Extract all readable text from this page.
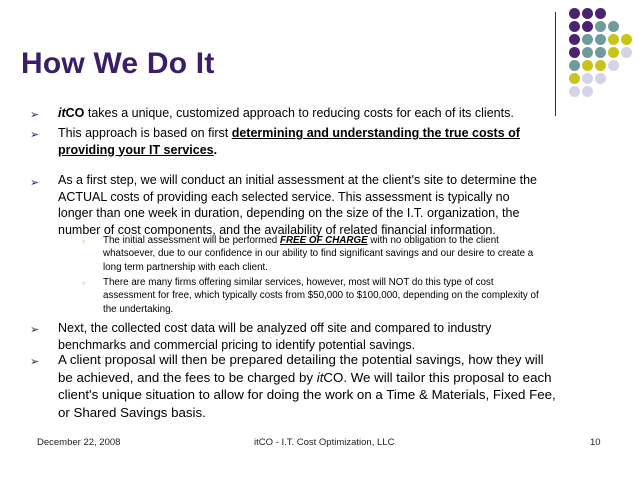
How We Do It
➢ itCO takes a unique, customized approach to reducing costs for each of its clients.
➢ This approach is based on first determining and understanding the true costs of providing your IT services.
➢ As a first step, we will conduct an initial assessment at the client's site to determine the ACTUAL costs of providing each selected service. This assessment is typically no longer than one week in duration, depending on the size of the I.T. organization, the number of cost components, and the availability of related financial information.
◦ The initial assessment will be performed FREE OF CHARGE with no obligation to the client whatsoever, due to our confidence in our ability to find significant savings and our desire to create a long term partnership with each client.
◦ There are many firms offering similar services, however, most will NOT do this type of cost assessment for free, which typically costs from $50,000 to $100,000, depending on the complexity of the undertaking.
➢ Next, the collected cost data will be analyzed off site and compared to industry benchmarks and commercial pricing to identify potential savings.
➢ A client proposal will then be prepared detailing the potential savings, how they will be achieved, and the fees to be charged by itCO. We will tailor this proposal to each client's unique situation to allow for doing the work on a Time & Materials, Fixed Fee, or Shared Savings basis.
December 22, 2008	itCO - I.T. Cost Optimization, LLC	10
